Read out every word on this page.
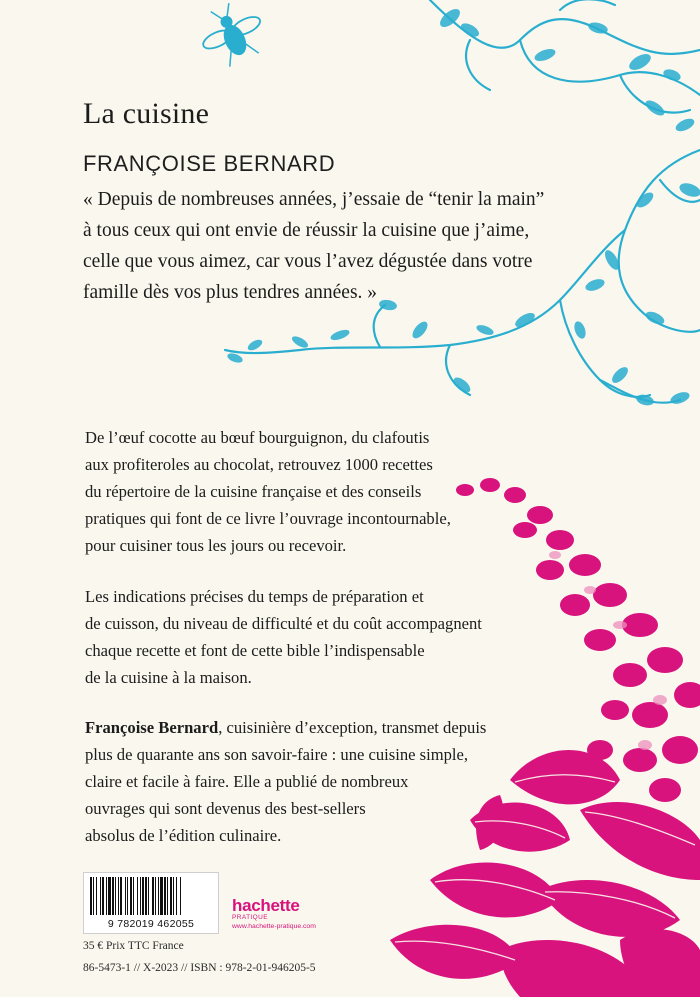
La cuisine
FRANÇOISE BERNARD
« Depuis de nombreuses années, j’essaie de “tenir la main”
à tous ceux qui ont envie de réussir la cuisine que j’aime,
celle que vous aimez, car vous l’avez dégustée dans votre
famille dès vos plus tendres années. »
De l’œuf cocotte au bœuf bourguignon, du clafoutis
aux profiteroles au chocolat, retrouvez 1000 recettes
du répertoire de la cuisine française et des conseils
pratiques qui font de ce livre l’ouvrage incontournable,
pour cuisiner tous les jours ou recevoir.
Les indications précises du temps de préparation et
de cuisson, du niveau de difficulté et du coût accompagnent
chaque recette et font de cette bible l’indispensable
de la cuisine à la maison.
Françoise Bernard, cuisinière d’exception, transmet depuis
plus de quarante ans son savoir-faire : une cuisine simple,
claire et facile à faire. Elle a publié de nombreux
ouvrages qui sont devenus des best-sellers
absolus de l’édition culinaire.
9 782019 462055
hachette
PRATIQUE
www.hachette-pratique.com
35 € Prix TTC France
86-5473-1 // X-2023 // ISBN : 978-2-01-946205-5
